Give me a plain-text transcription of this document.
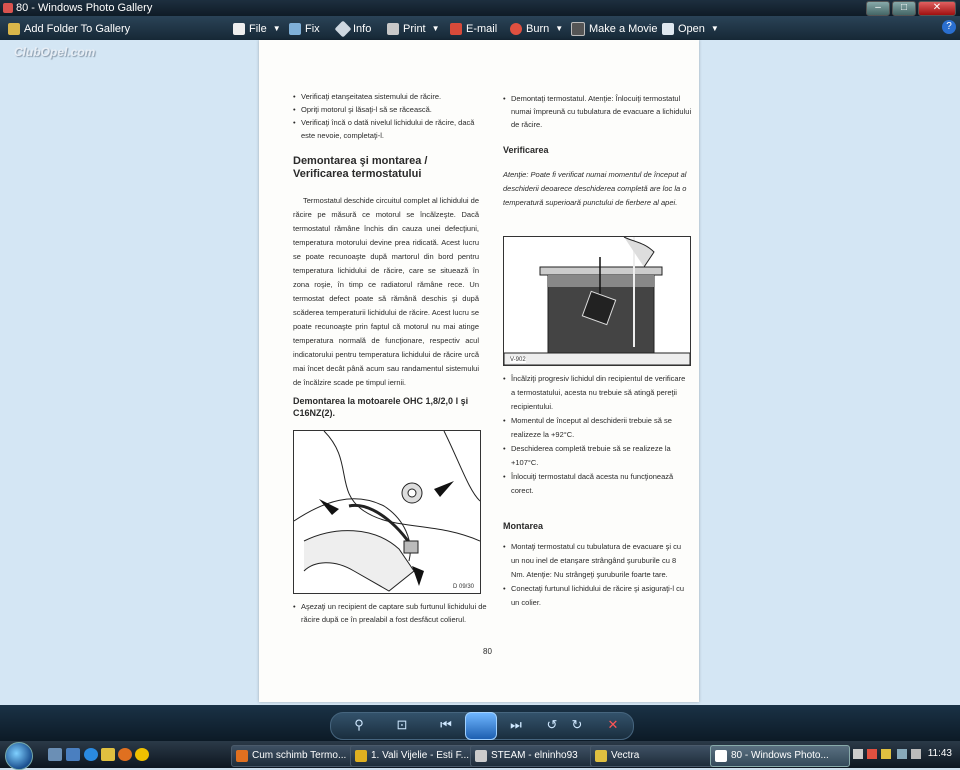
80 - Windows Photo Gallery	–	□	✕
Add Folder To Gallery	File ▼ Fix	Info	Print ▼ E-mail	Burn ▼ Make a Movie Open ▼	?

• Verificaţi etanşeitatea sistemului de răcire.

• Opriţi motorul şi lăsaţi-l să se răcească.

• Verificaţi încă o dată nivelul lichidului de răcire, dacă este nevoie, completaţi-l.

Demontarea şi montarea / Verificarea termostatului

Termostatul deschide circuitul complet al lichidului de răcire pe măsură ce motorul se încălzeşte. Dacă termostatul rămâne închis din cauza unei defecţiuni, temperatura motorului devine prea ridicată. Acest lucru se poate recunoaşte după martorul din bord pentru temperatura lichidului de răcire, care se situează în zona roşie, în timp ce radiatorul rămâne rece. Un termostat defect poate să rămână deschis şi după scăderea temperaturii lichidului de răcire. Acest lucru se poate recunoaşte prin faptul că motorul nu mai atinge temperatura normală de funcţionare, respectiv acul indicatorului pentru temperatura lichidului de răcire urcă mai încet decât până acum sau randamentul sistemului de încălzire scade pe timpul iernii.

Demontarea la motoarele OHC 1,8/2,0 l şi C16NZ(2).
D 09/30

• Aşezaţi un recipient de captare sub furtunul lichidului de răcire după ce în prealabil a fost desfăcut colierul.

• Demontaţi termostatul. Atenţie: Înlocuiţi termostatul numai împreună cu tubulatura de evacuare a lichidului de răcire.

Verificarea

Atenţie: Poate fi verificat numai momentul de început al deschiderii deoarece deschiderea completă are loc la o temperatură superioară punctului de fierbere al apei.

V-902

• Încălziţi progresiv lichidul din recipientul de verificare a termostatului, acesta nu trebuie să atingă pereţii recipientului.

• Momentul de început al deschiderii trebuie să se realizeze la +92°C.

• Deschiderea completă trebuie să se realizeze la +107°C.

• Înlocuiţi termostatul dacă acesta nu funcţionează corect.

Montarea

• Montaţi termostatul cu tubulatura de evacuare şi cu un nou inel de etanşare strângând şuruburile cu 8 Nm. Atenţie: Nu strângeţi şuruburile foarte tare.

• Conectaţi furtunul lichidului de răcire şi asiguraţi-l cu un colier.

80
ClubOpel.com
⚲	⊡	⏮	⏭ ↺ ↻ ✕
Cum schimb Termo...	1. Vali Vijelie - Esti F...	STEAM - elninho93	Vectra	80 - Windows Photo...	11:43
